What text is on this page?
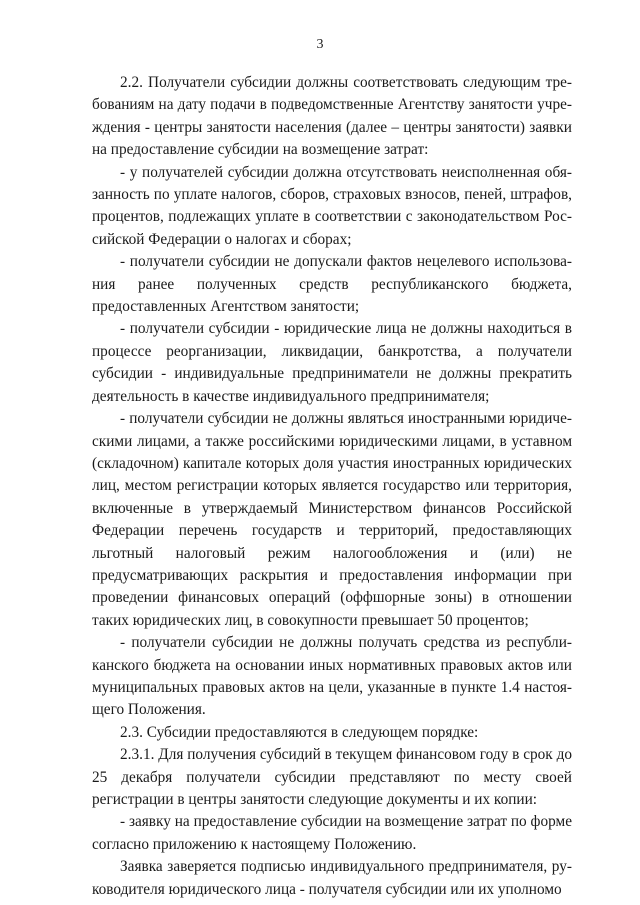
3

2.2. Получатели субсидии должны соответствовать следующим требованиям на дату подачи в подведомственные Агентству занятости учреждения - центры занятости населения (далее – центры занятости) заявки на предоставление субсидии на возмещение затрат:

- у получателей субсидии должна отсутствовать неисполненная обязанность по уплате налогов, сборов, страховых взносов, пеней, штрафов, процентов, подлежащих уплате в соответствии с законодательством Российской Федерации о налогах и сборах;

- получатели субсидии не допускали фактов нецелевого использования ранее полученных средств республиканского бюджета, предоставленных Агентством занятости;

- получатели субсидии - юридические лица не должны находиться в процессе реорганизации, ликвидации, банкротства, а получатели субсидии - индивидуальные предприниматели не должны прекратить деятельность в качестве индивидуального предпринимателя;

- получатели субсидии не должны являться иностранными юридическими лицами, а также российскими юридическими лицами, в уставном (складочном) капитале которых доля участия иностранных юридических лиц, местом регистрации которых является государство или территория, включенные в утверждаемый Министерством финансов Российской Федерации перечень государств и территорий, предоставляющих льготный налоговый режим налогообложения и (или) не предусматривающих раскрытия и предоставления информации при проведении финансовых операций (оффшорные зоны) в отношении таких юридических лиц, в совокупности превышает 50 процентов;

- получатели субсидии не должны получать средства из республиканского бюджета на основании иных нормативных правовых актов или муниципальных правовых актов на цели, указанные в пункте 1.4 настоящего Положения.

2.3. Субсидии предоставляются в следующем порядке:

2.3.1. Для получения субсидий в текущем финансовом году в срок до 25 декабря получатели субсидии представляют по месту своей регистрации в центры занятости следующие документы и их копии:

- заявку на предоставление субсидии на возмещение затрат по форме согласно приложению к настоящему Положению.

Заявка заверяется подписью индивидуального предпринимателя, руководителя юридического лица - получателя субсидии или их уполномо
